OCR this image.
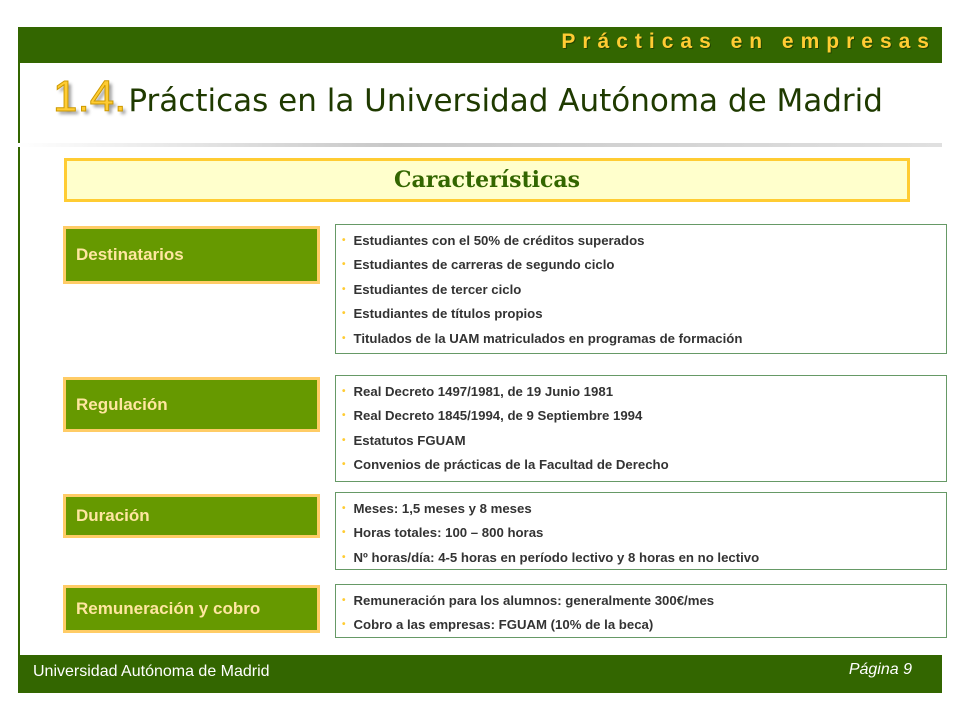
Prácticas en empresas
1.4.Prácticas en la Universidad Autónoma de Madrid
Características
Destinatarios
• Estudiantes con el 50% de créditos superados
• Estudiantes de carreras de segundo ciclo
• Estudiantes de tercer ciclo
• Estudiantes de títulos propios
• Titulados de la UAM matriculados en programas de formación
Regulación
• Real Decreto 1497/1981, de 19 Junio 1981
• Real Decreto 1845/1994, de 9 Septiembre 1994
• Estatutos FGUAM
• Convenios de prácticas de la Facultad de Derecho
Duración	• Meses: 1,5 meses y 8 meses
• Horas totales: 100 – 800 horas
• Nº horas/día: 4-5 horas en período lectivo y 8 horas en no lectivo
Remuneración y cobro	• Remuneración para los alumnos: generalmente 300€/mes
• Cobro a las empresas: FGUAM (10% de la beca)
Universidad Autónoma de Madrid	Página 9
